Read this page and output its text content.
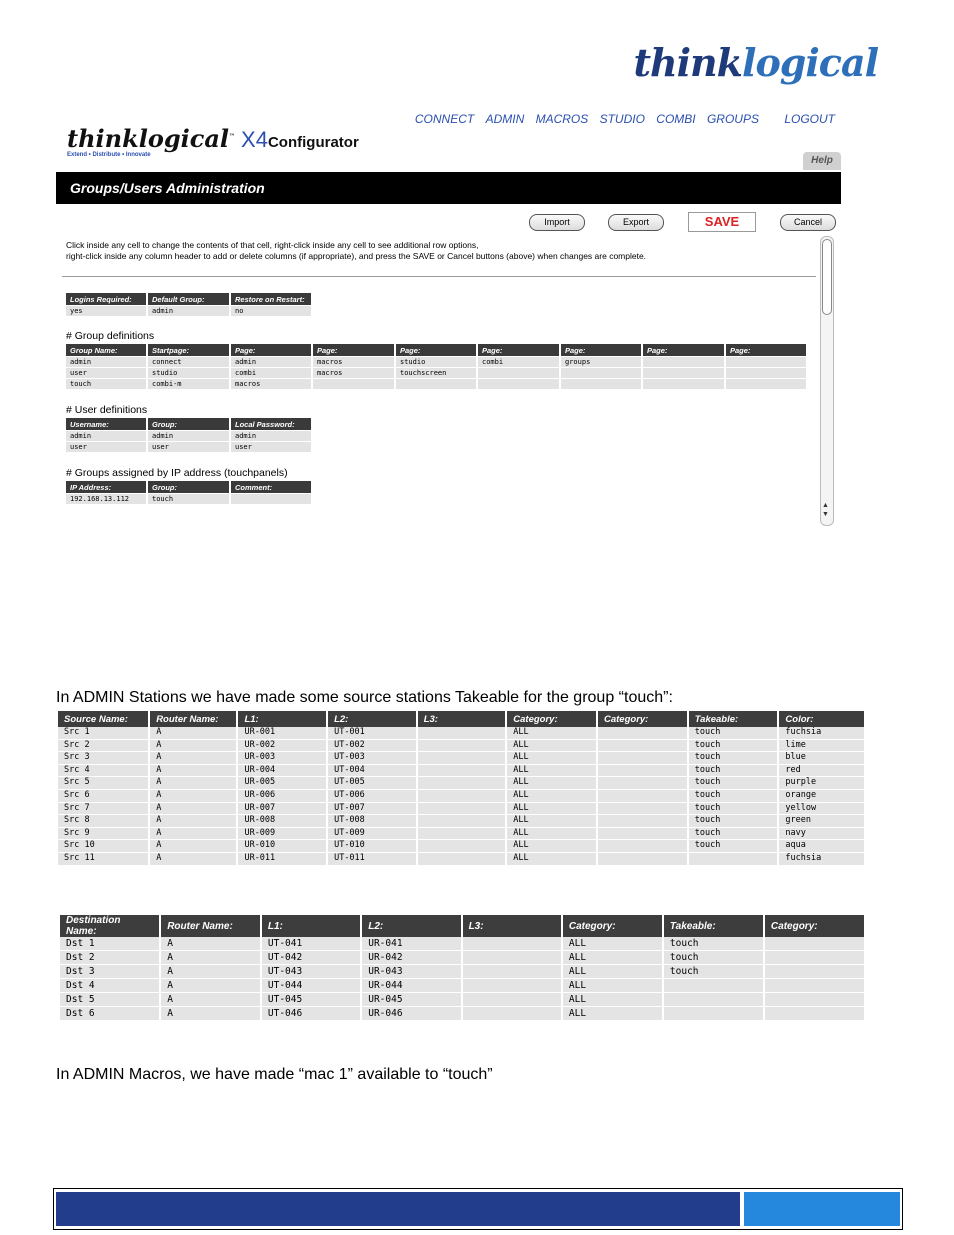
thinklogical
CONNECT ADMIN MACROS STUDIO COMBI GROUPS LOGOUT
thinklogical™ X4Configurator
Extend • Distribute • Innovate	Help
Groups/Users Administration
Import	Export	SAVE	Cancel
Click inside any cell to change the contents of that cell, right-click inside any cell to see additional row options,
right-click inside any column header to add or delete columns (if appropriate), and press the SAVE or Cancel buttons (above) when changes are complete.
▲
▼
Logins Required:	Default Group:	Restore on Restart:
yes	admin	no
# Group definitions
Group Name:	Startpage:	Page:	Page:	Page:	Page:	Page:	Page:	Page:
admin	connect	admin	macros	studio	combi	groups		
user	studio	combi	macros	touchscreen				
touch	combi-m	macros						
# User definitions
Username:	Group:	Local Password:
admin	admin	admin
user	user	user
# Groups assigned by IP address (touchpanels)
IP Address:	Group:	Comment:
192.168.13.112	touch	
In ADMIN Stations we have made some source stations Takeable for the group “touch”:
Source Name:	Router Name:	L1:	L2:	L3:	Category:	Category:	Takeable:	Color:
Src 1	A	UR-001	UT-001		ALL		touch	fuchsia
Src 2	A	UR-002	UT-002		ALL		touch	lime
Src 3	A	UR-003	UT-003		ALL		touch	blue
Src 4	A	UR-004	UT-004		ALL		touch	red
Src 5	A	UR-005	UT-005		ALL		touch	purple
Src 6	A	UR-006	UT-006		ALL		touch	orange
Src 7	A	UR-007	UT-007		ALL		touch	yellow
Src 8	A	UR-008	UT-008		ALL		touch	green
Src 9	A	UR-009	UT-009		ALL		touch	navy
Src 10	A	UR-010	UT-010		ALL		touch	aqua
Src 11	A	UR-011	UT-011		ALL			fuchsia
Destination Name:	Router Name:	L1:	L2:	L3:	Category:	Takeable:	Category:
Dst 1	A	UT-041	UR-041		ALL	touch	
Dst 2	A	UT-042	UR-042		ALL	touch	
Dst 3	A	UT-043	UR-043		ALL	touch	
Dst 4	A	UT-044	UR-044		ALL		
Dst 5	A	UT-045	UR-045		ALL		
Dst 6	A	UT-046	UR-046		ALL		
In ADMIN Macros, we have made “mac 1” available to “touch”
